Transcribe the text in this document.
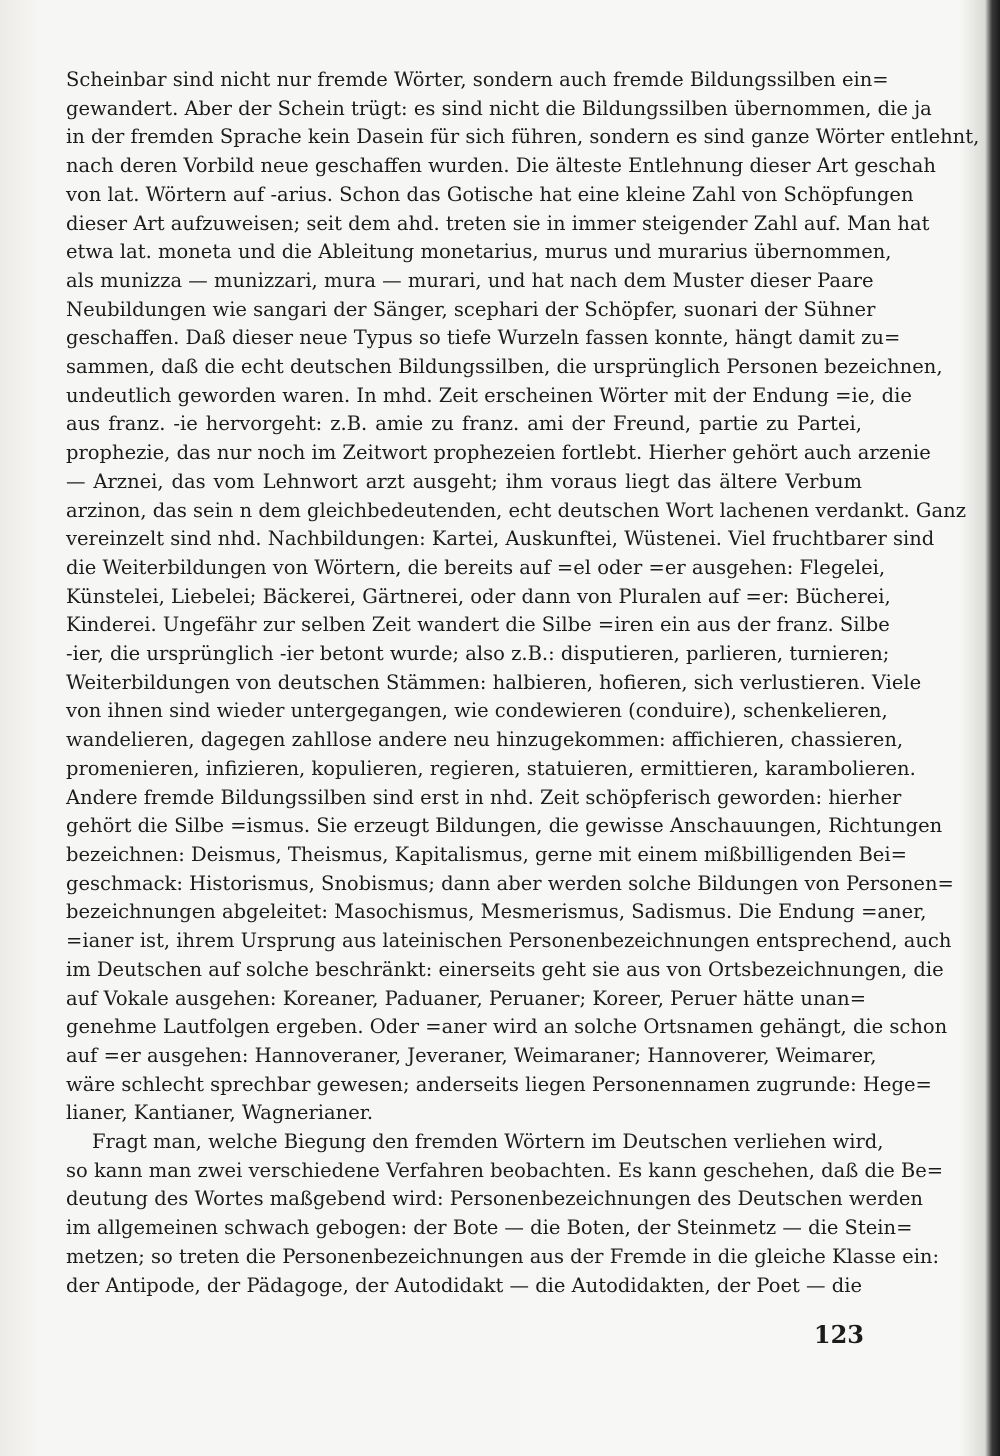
Scheinbar sind nicht nur fremde Wörter, sondern auch fremde Bildungssilben ein=
gewandert. Aber der Schein trügt: es sind nicht die Bildungssilben übernommen, die ja
in der fremden Sprache kein Dasein für sich führen, sondern es sind ganze Wörter entlehnt,
nach deren Vorbild neue geschaffen wurden. Die älteste Entlehnung dieser Art geschah
von lat. Wörtern auf -arius. Schon das Gotische hat eine kleine Zahl von Schöpfungen
dieser Art aufzuweisen; seit dem ahd. treten sie in immer steigender Zahl auf. Man hat
etwa lat. moneta und die Ableitung monetarius, murus und murarius übernommen,
als munizza — munizzari, mura — murari, und hat nach dem Muster dieser Paare
Neubildungen wie sangari der Sänger, scephari der Schöpfer, suonari der Sühner
geschaffen. Daß dieser neue Typus so tiefe Wurzeln fassen konnte, hängt damit zu=
sammen, daß die echt deutschen Bildungssilben, die ursprünglich Personen bezeichnen,
undeutlich geworden waren. In mhd. Zeit erscheinen Wörter mit der Endung =ie, die
aus franz. -ie hervorgeht: z.B. amie zu franz. ami der Freund, partie zu Partei,
prophezie, das nur noch im Zeitwort prophezeien fortlebt. Hierher gehört auch arzenie
— Arznei, das vom Lehnwort arzt ausgeht; ihm voraus liegt das ältere Verbum
arzinon, das sein n dem gleichbedeutenden, echt deutschen Wort lachenen verdankt. Ganz
vereinzelt sind nhd. Nachbildungen: Kartei, Auskunftei, Wüstenei. Viel fruchtbarer sind
die Weiterbildungen von Wörtern, die bereits auf =el oder =er ausgehen: Flegelei,
Künstelei, Liebelei; Bäckerei, Gärtnerei, oder dann von Pluralen auf =er: Bücherei,
Kinderei. Ungefähr zur selben Zeit wandert die Silbe =iren ein aus der franz. Silbe
-ier, die ursprünglich -ier betont wurde; also z.B.: disputieren, parlieren, turnieren;
Weiterbildungen von deutschen Stämmen: halbieren, hofieren, sich verlustieren. Viele
von ihnen sind wieder untergegangen, wie condewieren (conduire), schenkelieren,
wandelieren, dagegen zahllose andere neu hinzugekommen: affichieren, chassieren,
promenieren, infizieren, kopulieren, regieren, statuieren, ermittieren, karambolieren.
Andere fremde Bildungssilben sind erst in nhd. Zeit schöpferisch geworden: hierher
gehört die Silbe =ismus. Sie erzeugt Bildungen, die gewisse Anschauungen, Richtungen
bezeichnen: Deismus, Theismus, Kapitalismus, gerne mit einem mißbilligenden Bei=
geschmack: Historismus, Snobismus; dann aber werden solche Bildungen von Personen=
bezeichnungen abgeleitet: Masochismus, Mesmerismus, Sadismus. Die Endung =aner,
=ianer ist, ihrem Ursprung aus lateinischen Personenbezeichnungen entsprechend, auch
im Deutschen auf solche beschränkt: einerseits geht sie aus von Ortsbezeichnungen, die
auf Vokale ausgehen: Koreaner, Paduaner, Peruaner; Koreer, Peruer hätte unan=
genehme Lautfolgen ergeben. Oder =aner wird an solche Ortsnamen gehängt, die schon
auf =er ausgehen: Hannoveraner, Jeveraner, Weimaraner; Hannoverer, Weimarer,
wäre schlecht sprechbar gewesen; anderseits liegen Personennamen zugrunde: Hege=
lianer, Kantianer, Wagnerianer.

Fragt man, welche Biegung den fremden Wörtern im Deutschen verliehen wird,
so kann man zwei verschiedene Verfahren beobachten. Es kann geschehen, daß die Be=
deutung des Wortes maßgebend wird: Personenbezeichnungen des Deutschen werden
im allgemeinen schwach gebogen: der Bote — die Boten, der Steinmetz — die Stein=
metzen; so treten die Personenbezeichnungen aus der Fremde in die gleiche Klasse ein:
der Antipode, der Pädagoge, der Autodidakt — die Autodidakten, der Poet — die

123
